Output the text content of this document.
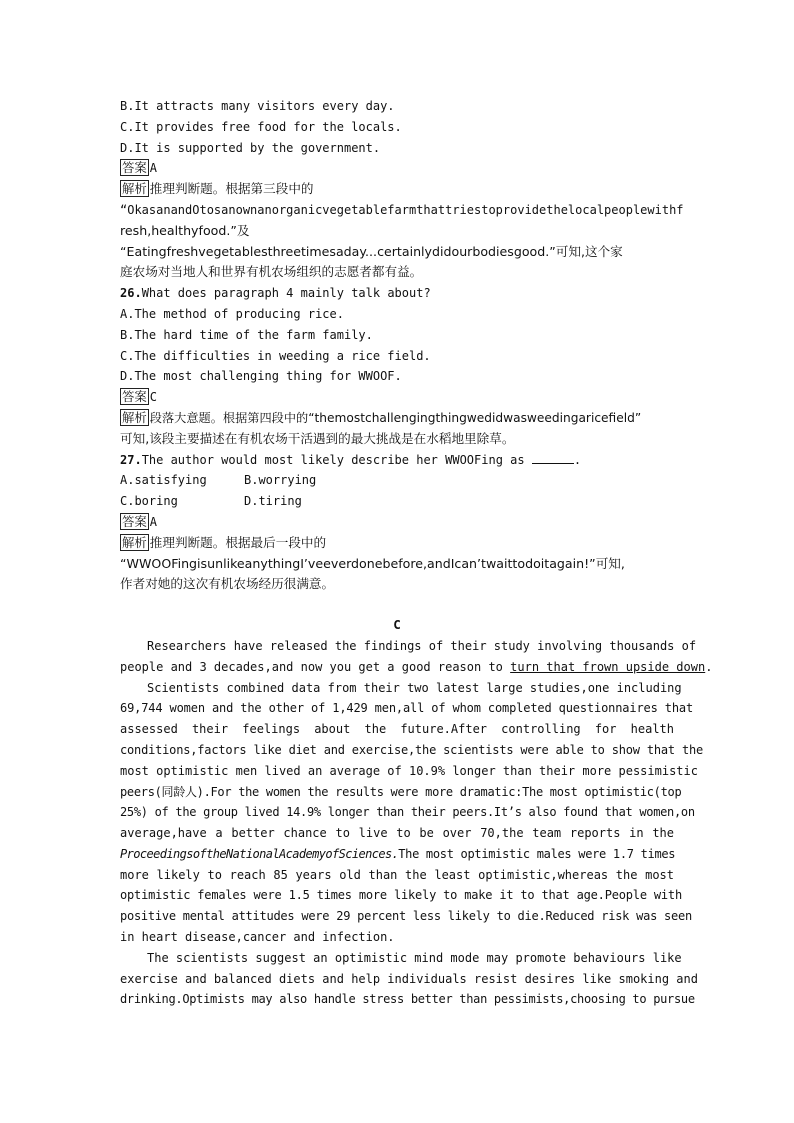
B.It attracts many visitors every day.
C.It provides free food for the locals.
D.It is supported by the government.
答案 A
解析 推理判断题。根据第三段中的
“OkasanandOtosanownanorganicvegetablefarmthattriestoprovidethelocalpeoplewithf
resh,healthyfood.”及
“Eatingfreshvegetablesthreetimesaday...certainlydidourbodiesgood.”可知,这个家
庭农场对当地人和世界有机农场组织的志愿者都有益。
26.What does paragraph 4 mainly talk about?
A.The method of producing rice.
B.The hard time of the farm family.
C.The difficulties in weeding a rice field.
D.The most challenging thing for WWOOF.
答案 C
解析 段落大意题。根据第四段中的“themostchallengingthingwedidwasweedingaricefield”
可知,该段主要描述在有机农场干活遇到的最大挑战是在水稻地里除草。
27.The author would most likely describe her WWOOFing as	.
A.satisfying	B.worrying
C.boring	D.tiring
答案 A
解析 推理判断题。根据最后一段中的
“WWOOFingisunlikeanythingI’veeverdonebefore,andIcan’twaittodoitagain!”可知,
作者对她的这次有机农场经历很满意。
C
Researchers have released the findings of their study involving thousands of
people and 3 decades,and now you get a good reason to turn that frown upside down.
Scientists combined data from their two latest large studies,one including
69,744 women and the other of 1,429 men,all of whom completed questionnaires that
assessed their feelings about the future.After controlling for health
conditions,factors like diet and exercise,the scientists were able to show that the
most optimistic men lived an average of 10.9% longer than their more pessimistic
peers(同龄人).For the women the results were more dramatic:The most optimistic(top
25%) of the group lived 14.9% longer than their peers.It’s also found that women,on
average,have a better chance to live to be over 70,the team reports in the
ProceedingsoftheNationalAcademyofSciences.The most optimistic males were 1.7 times
more likely to reach 85 years old than the least optimistic,whereas the most
optimistic females were 1.5 times more likely to make it to that age.People with
positive mental attitudes were 29 percent less likely to die.Reduced risk was seen
in heart disease,cancer and infection.
The scientists suggest an optimistic mind mode may promote behaviours like
exercise and balanced diets and help individuals resist desires like smoking and
drinking.Optimists may also handle stress better than pessimists,choosing to pursue
